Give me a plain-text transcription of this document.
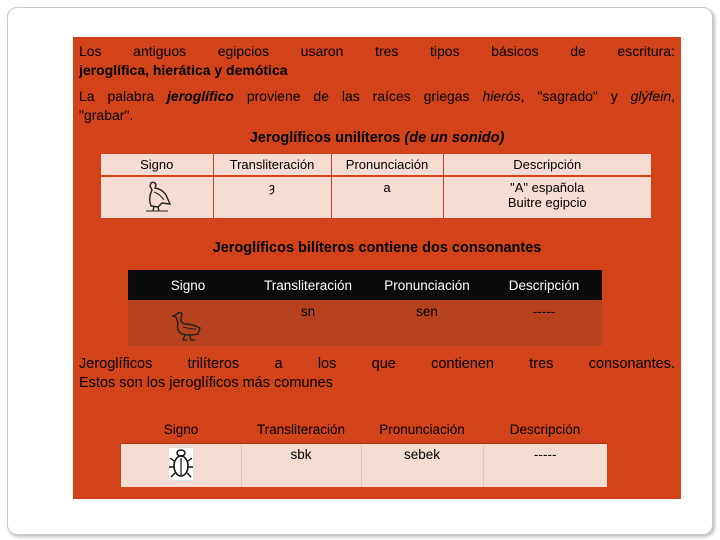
Los antiguos egipcios usaron tres tipos básicos de escritura:
jeroglífica, hierática y demótica
La palabra jeroglífico proviene de las raíces griegas hierós, "sagrado" y glýfein,
"grabar".
Jeroglíficos unilíteros (de un sonido)
Signo	Transliteración	Pronunciación	Descripción
	ȝ	a	"A" española
Buitre egipcio
Jeroglíficos bilíteros contiene dos consonantes
Signo	Transliteración	Pronunciación	Descripción
	sn	sen	-----
Jeroglíficos trilíteros a los que contienen tres consonantes.
Estos son los jeroglíficos más comunes
Signo	Transliteración	Pronunciación	Descripción
	sbk	sebek	-----
